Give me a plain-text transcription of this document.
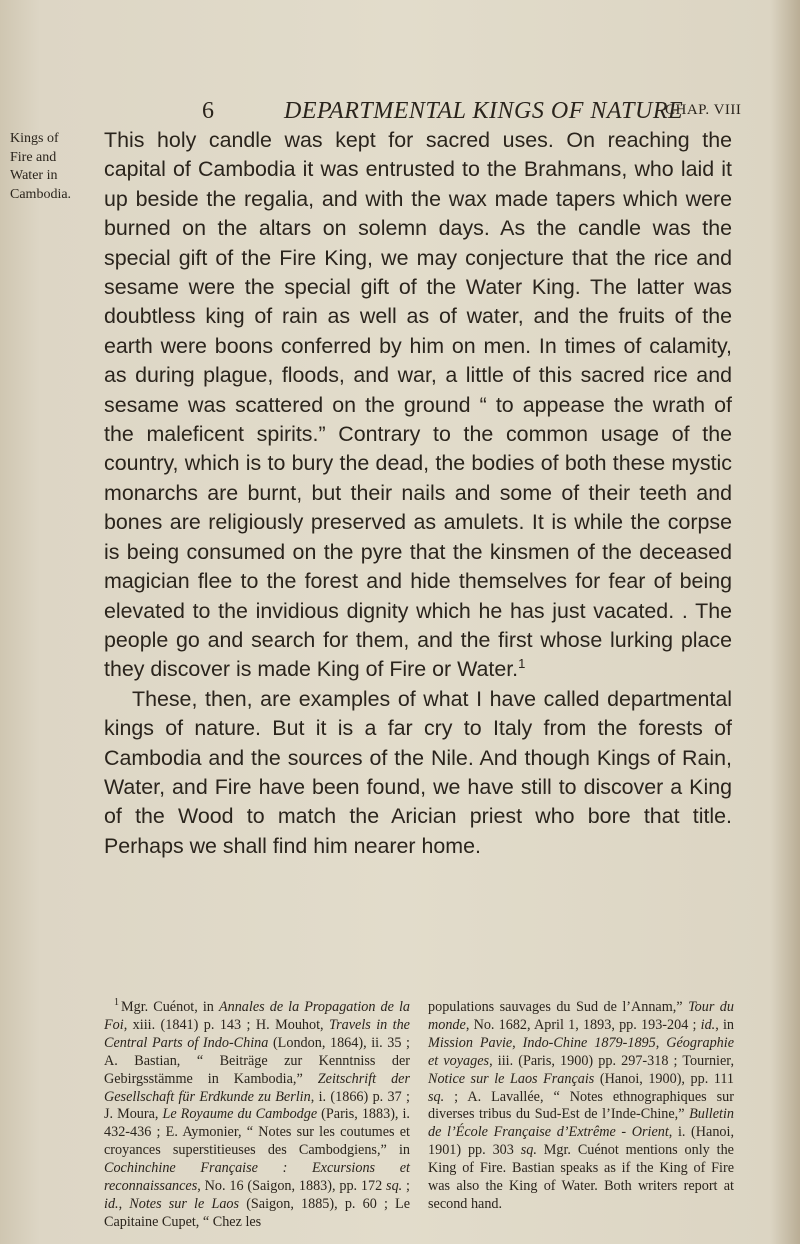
6	DEPARTMENTAL KINGS OF NATURE
CHAP. VIII
Kings of
Fire and
Water in
Cambodia.

This holy candle was kept for sacred uses. On reaching the capital of Cambodia it was entrusted to the Brahmans, who laid it up beside the regalia, and with the wax made tapers which were burned on the altars on solemn days. As the candle was the special gift of the Fire King, we may conjecture that the rice and sesame were the special gift of the Water King. The latter was doubtless king of rain as well as of water, and the fruits of the earth were boons conferred by him on men. In times of calamity, as during plague, floods, and war, a little of this sacred rice and sesame was scattered on the ground “ to appease the wrath of the maleficent spirits.” Contrary to the common usage of the country, which is to bury the dead, the bodies of both these mystic monarchs are burnt, but their nails and some of their teeth and bones are religiously preserved as amulets. It is while the corpse is being consumed on the pyre that the kinsmen of the deceased magician flee to the forest and hide themselves for fear of being elevated to the invidious dignity which he has just vacated. . The people go and search for them, and the first whose lurking place they discover is made King of Fire or Water.$^1$

These, then, are examples of what I have called departmental kings of nature. But it is a far cry to Italy from the forests of Cambodia and the sources of the Nile. And though Kings of Rain, Water, and Fire have been found, we have still to discover a King of the Wood to match the Arician priest who bore that title. Perhaps we shall find him nearer home.

$^1$ Mgr. Cuénot, in Annales de la Propagation de la Foi, xiii. (1841) p. 143 ; H. Mouhot, Travels in the Central Parts of Indo-China (London, 1864), ii. 35 ; A. Bastian, “ Beiträge zur Kenntniss der Gebirgsstämme in Kambodia,” Zeitschrift der Gesellschaft für Erdkunde zu Berlin, i. (1866) p. 37 ; J. Moura, Le Royaume du Cambodge (Paris, 1883), i. 432-436 ; E. Aymonier, “ Notes sur les coutumes et croyances superstitieuses des Cambodgiens,” in Cochinchine Française : Excursions et reconnaissances, No. 16 (Saigon, 1883), pp. 172 sq. ; id., Notes sur le Laos (Saigon, 1885), p. 60 ; Le Capitaine Cupet, “ Chez les
populations sauvages du Sud de l’Annam,” Tour du monde, No. 1682, April 1, 1893, pp. 193-204 ; id., in Mission Pavie, Indo-Chine 1879-1895, Géographie et voyages, iii. (Paris, 1900) pp. 297-318 ; Tournier, Notice sur le Laos Français (Hanoi, 1900), pp. 111 sq. ; A. Lavallée, “ Notes ethnographiques sur diverses tribus du Sud-Est de l’Inde-Chine,” Bulletin de l’École Française d’Extrême - Orient, i. (Hanoi, 1901) pp. 303 sq. Mgr. Cuénot mentions only the King of Fire. Bastian speaks as if the King of Fire was also the King of Water. Both writers report at second hand.
